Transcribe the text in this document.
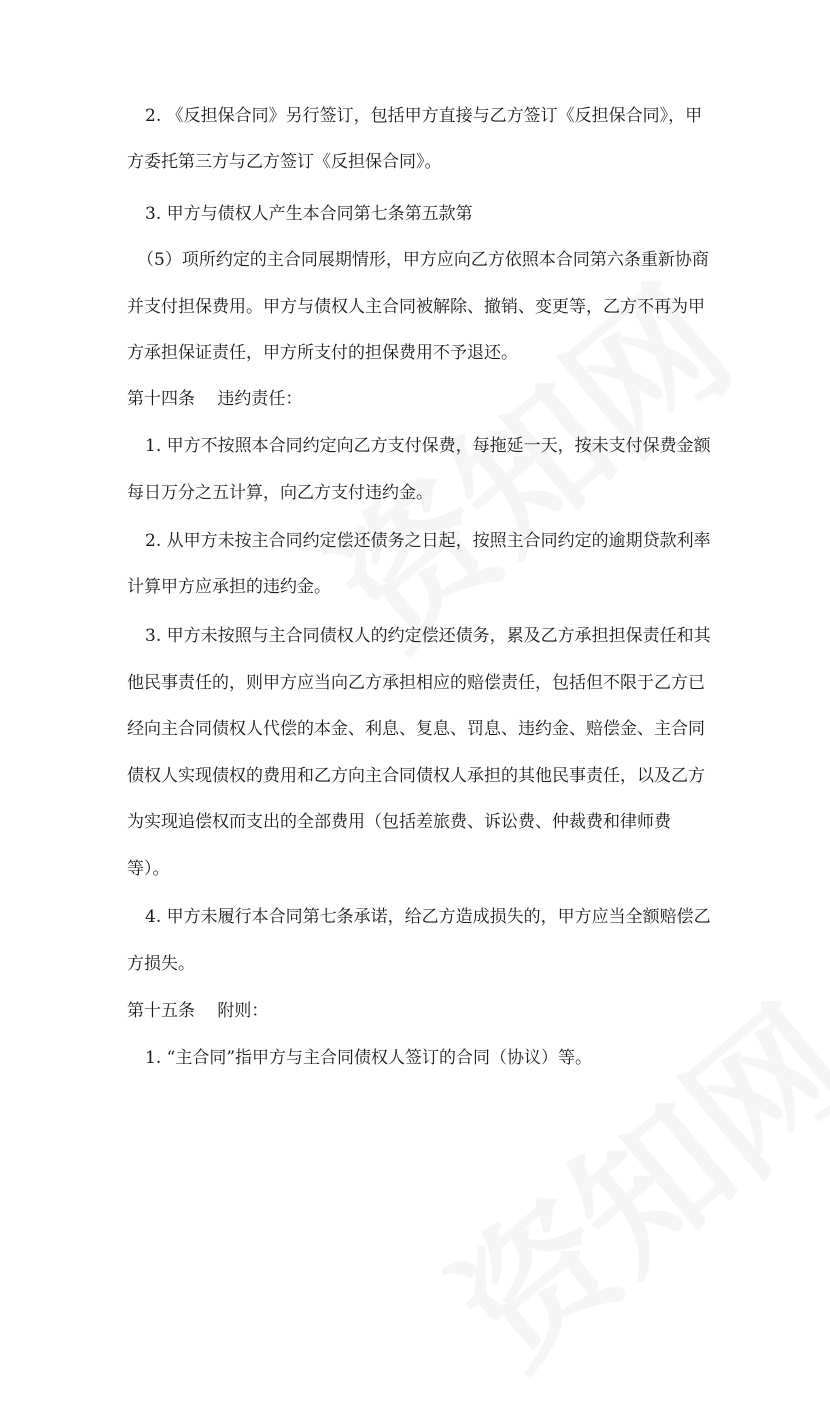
2. 《反担保合同》另行签订，包括甲方直接与乙方签订《反担保合同》，甲

方委托第三方与乙方签订《反担保合同》。

3. 甲方与债权人产生本合同第七条第五款第

（5）项所约定的主合同展期情形，甲方应向乙方依照本合同第六条重新协商

并支付担保费用。甲方与债权人主合同被解除、撤销、变更等，乙方不再为甲

方承担保证责任，甲方所支付的担保费用不予退还。

第十四条　 违约责任：

1. 甲方不按照本合同约定向乙方支付保费，每拖延一天，按未支付保费金额

每日万分之五计算，向乙方支付违约金。

2. 从甲方未按主合同约定偿还债务之日起，按照主合同约定的逾期贷款利率

计算甲方应承担的违约金。

3. 甲方未按照与主合同债权人的约定偿还债务，累及乙方承担担保责任和其

他民事责任的，则甲方应当向乙方承担相应的赔偿责任，包括但不限于乙方已

经向主合同债权人代偿的本金、利息、复息、罚息、违约金、赔偿金、主合同

债权人实现债权的费用和乙方向主合同债权人承担的其他民事责任，以及乙方

为实现追偿权而支出的全部费用（包括差旅费、诉讼费、仲裁费和律师费

等）。

4. 甲方未履行本合同第七条承诺，给乙方造成损失的，甲方应当全额赔偿乙

方损失。

第十五条　 附则：

1. “主合同”指甲方与主合同债权人签订的合同（协议）等。
